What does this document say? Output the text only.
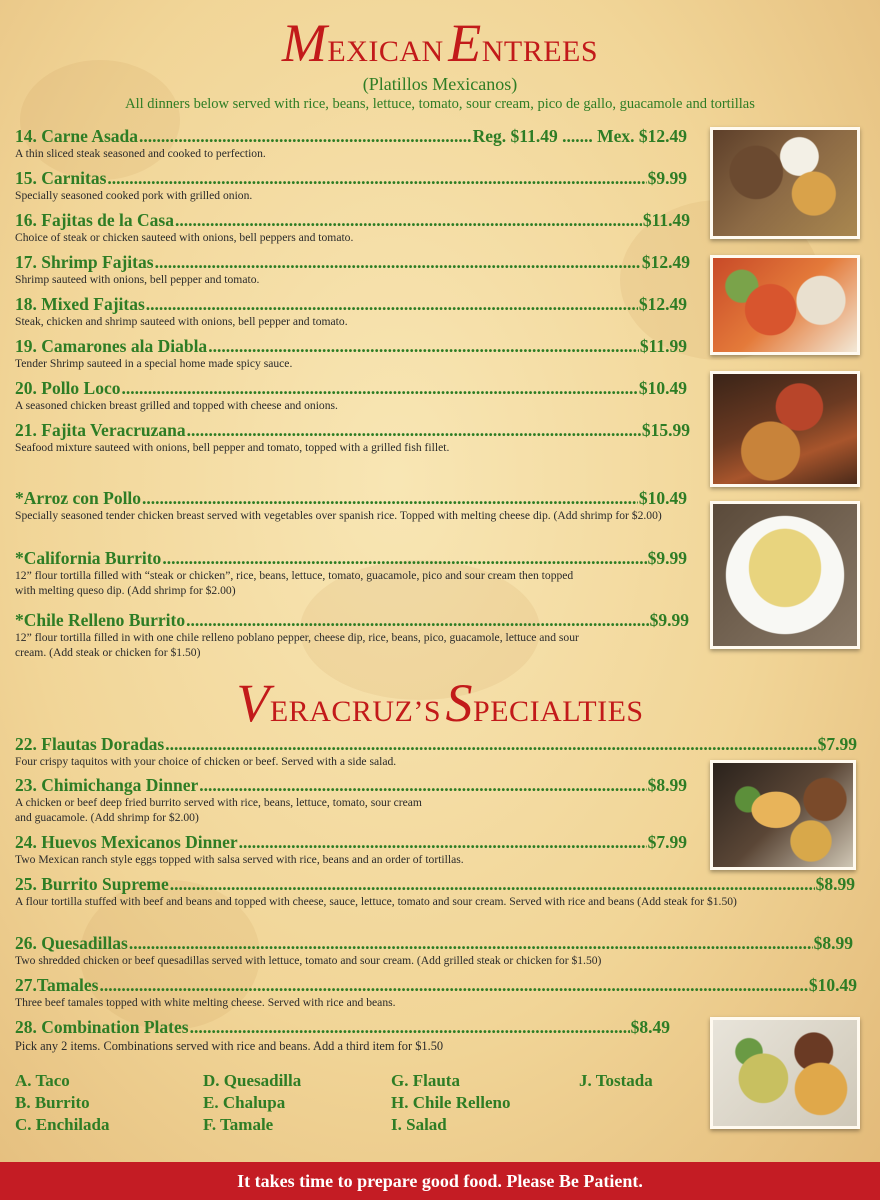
MEXICAN ENTREES
(Platillos Mexicanos)
All dinners below served with rice, beans, lettuce, tomato, sour cream, pico de gallo, guacamole and tortillas
14. Carne Asada .....	Reg. $11.49 ....... Mex. $12.49
A thin sliced steak seasoned and cooked to perfection.
15. Carnitas .....	$9.99
Specially seasoned cooked pork with grilled onion.
16. Fajitas de la Casa .....	$11.49
Choice of steak or chicken sauteed with onions, bell peppers and tomato.
17. Shrimp Fajitas .....	$12.49
Shrimp sauteed with onions, bell pepper and tomato.
18. Mixed Fajitas .....	$12.49
Steak, chicken and shrimp sauteed with onions, bell pepper and tomato.
19. Camarones ala Diabla .....	$11.99
Tender Shrimp sauteed in a special home made spicy sauce.
20. Pollo Loco .....	$10.49
A seasoned chicken breast grilled and topped with cheese and onions.
21. Fajita Veracruzana .....	$15.99
Seafood mixture sauteed with onions, bell pepper and tomato, topped with a grilled fish fillet.
*Arroz con Pollo .....	$10.49
Specially seasoned tender chicken breast served with vegetables over spanish rice. Topped with melting cheese dip. (Add shrimp for $2.00)
*California Burrito .....	$9.99
12” flour tortilla filled with “steak or chicken”, rice, beans, lettuce, tomato, guacamole, pico and sour cream then topped with melting queso dip. (Add shrimp for $2.00)
*Chile Relleno Burrito .....	$9.99
12” flour tortilla filled in with one chile relleno poblano pepper, cheese dip, rice, beans, pico, guacamole, lettuce and sour cream. (Add steak or chicken for $1.50)
VERACRUZ’S SPECIALTIES
22. Flautas Doradas .....	$7.99
Four crispy taquitos with your choice of chicken or beef. Served with a side salad.
23. Chimichanga Dinner .....	$8.99
A chicken or beef deep fried burrito served with rice, beans, lettuce, tomato, sour cream and guacamole. (Add shrimp for $2.00)
24. Huevos Mexicanos Dinner .....	$7.99
Two Mexican ranch style eggs topped with salsa served with rice, beans and an order of tortillas.
25. Burrito Supreme .....	$8.99
A flour tortilla stuffed with beef and beans and topped with cheese, sauce, lettuce, tomato and sour cream. Served with rice and beans (Add steak for $1.50)
26. Quesadillas .....	$8.99
Two shredded chicken or beef quesadillas served with lettuce, tomato and sour cream. (Add grilled steak or chicken for $1.50)
27.Tamales .....	$10.49
Three beef tamales topped with white melting cheese. Served with rice and beans.
28. Combination Plates .....	$8.49
Pick any 2 items. Combinations served with rice and beans. Add a third item for $1.50
A. Taco	D. Quesadilla	G. Flauta	J. Tostada
B. Burrito	E. Chalupa	H. Chile Relleno
C. Enchilada	F. Tamale	I. Salad
It takes time to prepare good food. Please Be Patient.
